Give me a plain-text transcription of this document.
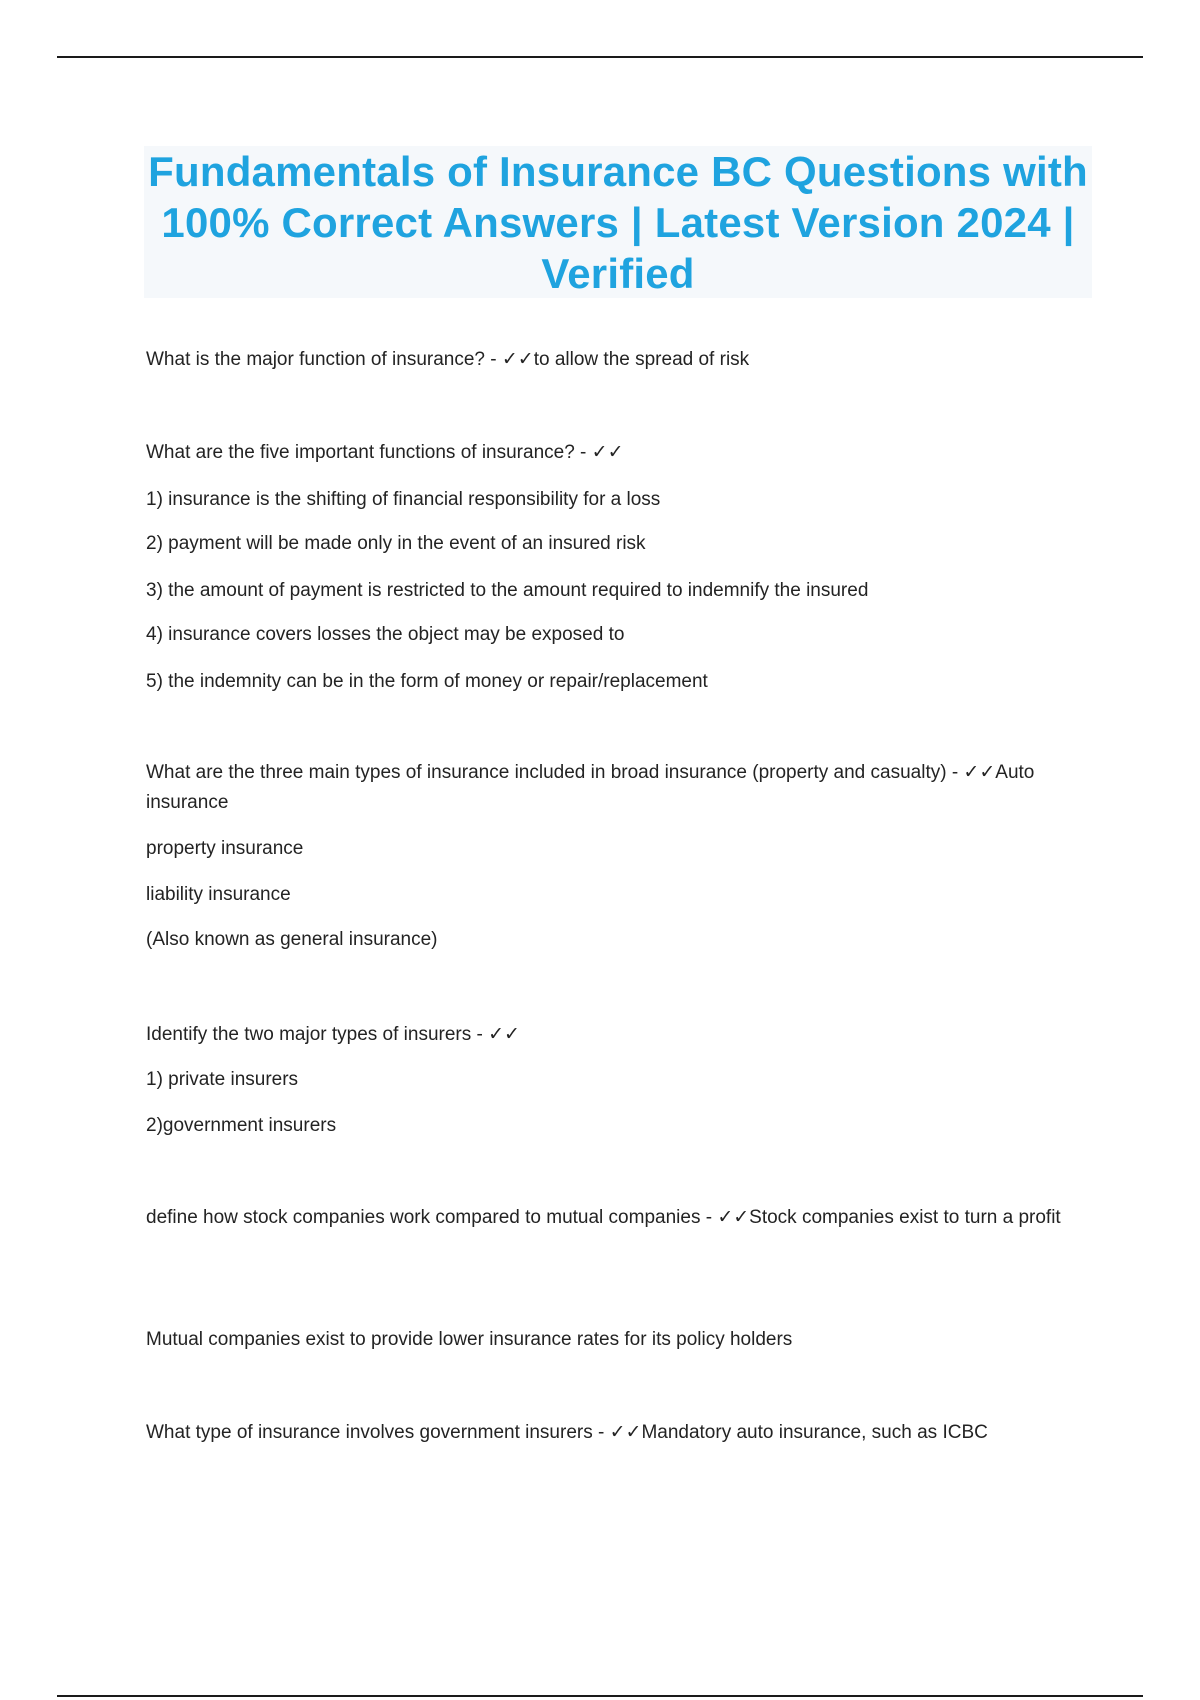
Fundamentals of Insurance BC Questions with 100% Correct Answers | Latest Version 2024 | Verified
What is the major function of insurance? - ✓✓to allow the spread of risk
What are the five important functions of insurance? - ✓✓
1) insurance is the shifting of financial responsibility for a loss
2) payment will be made only in the event of an insured risk
3) the amount of payment is restricted to the amount required to indemnify the insured
4) insurance covers losses the object may be exposed to
5) the indemnity can be in the form of money or repair/replacement
What are the three main types of insurance included in broad insurance (property and casualty) - ✓✓Auto insurance
property insurance
liability insurance
(Also known as general insurance)
Identify the two major types of insurers - ✓✓
1) private insurers
2)government insurers
define how stock companies work compared to mutual companies - ✓✓Stock companies exist to turn a profit
Mutual companies exist to provide lower insurance rates for its policy holders
What type of insurance involves government insurers - ✓✓Mandatory auto insurance, such as ICBC
